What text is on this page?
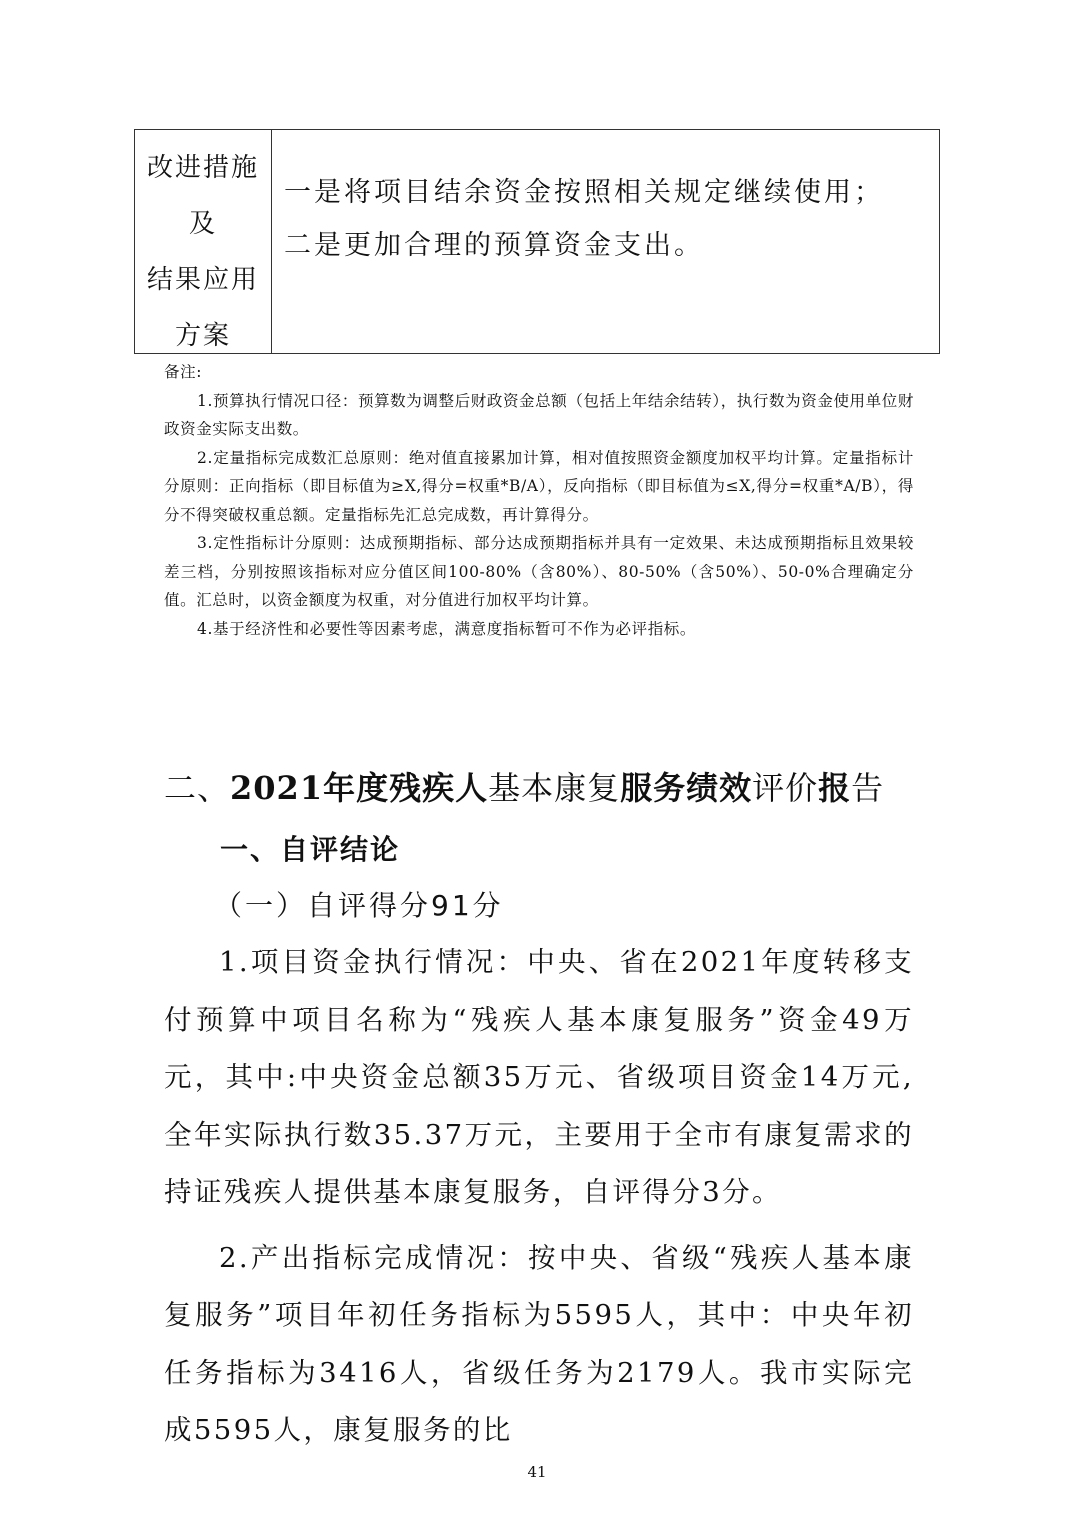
改进措施
及
结果应用
方案
一是将项目结余资金按照相关规定继续使用；
二是更加合理的预算资金支出。
备注:

1.预算执行情况口径：预算数为调整后财政资金总额（包括上年结余结转），执行数为资金使用单位财政资金实际支出数。

2.定量指标完成数汇总原则：绝对值直接累加计算，相对值按照资金额度加权平均计算。定量指标计分原则：正向指标（即目标值为≥X,得分=权重*B/A），反向指标（即目标值为≤X,得分=权重*A/B），得分不得突破权重总额。定量指标先汇总完成数，再计算得分。

3.定性指标计分原则：达成预期指标、部分达成预期指标并具有一定效果、未达成预期指标且效果较差三档，分别按照该指标对应分值区间100-80%（含80%）、80-50%（含50%）、50-0%合理确定分值。汇总时，以资金额度为权重，对分值进行加权平均计算。

4.基于经济性和必要性等因素考虑，满意度指标暂可不作为必评指标。

二、2021年度残疾人基本康复服务绩效评价报告
一、自评结论
（一）自评得分91分

1.项目资金执行情况：中央、省在2021年度转移支付预算中项目名称为“残疾人基本康复服务”资金49万元，其中:中央资金总额35万元、省级项目资金14万元,全年实际执行数35.37万元，主要用于全市有康复需求的持证残疾人提供基本康复服务，自评得分3分。

2.产出指标完成情况：按中央、省级“残疾人基本康复服务”项目年初任务指标为5595人，其中：中央年初任务指标为3416人，省级任务为2179人。我市实际完成5595人，康复服务的比

41
